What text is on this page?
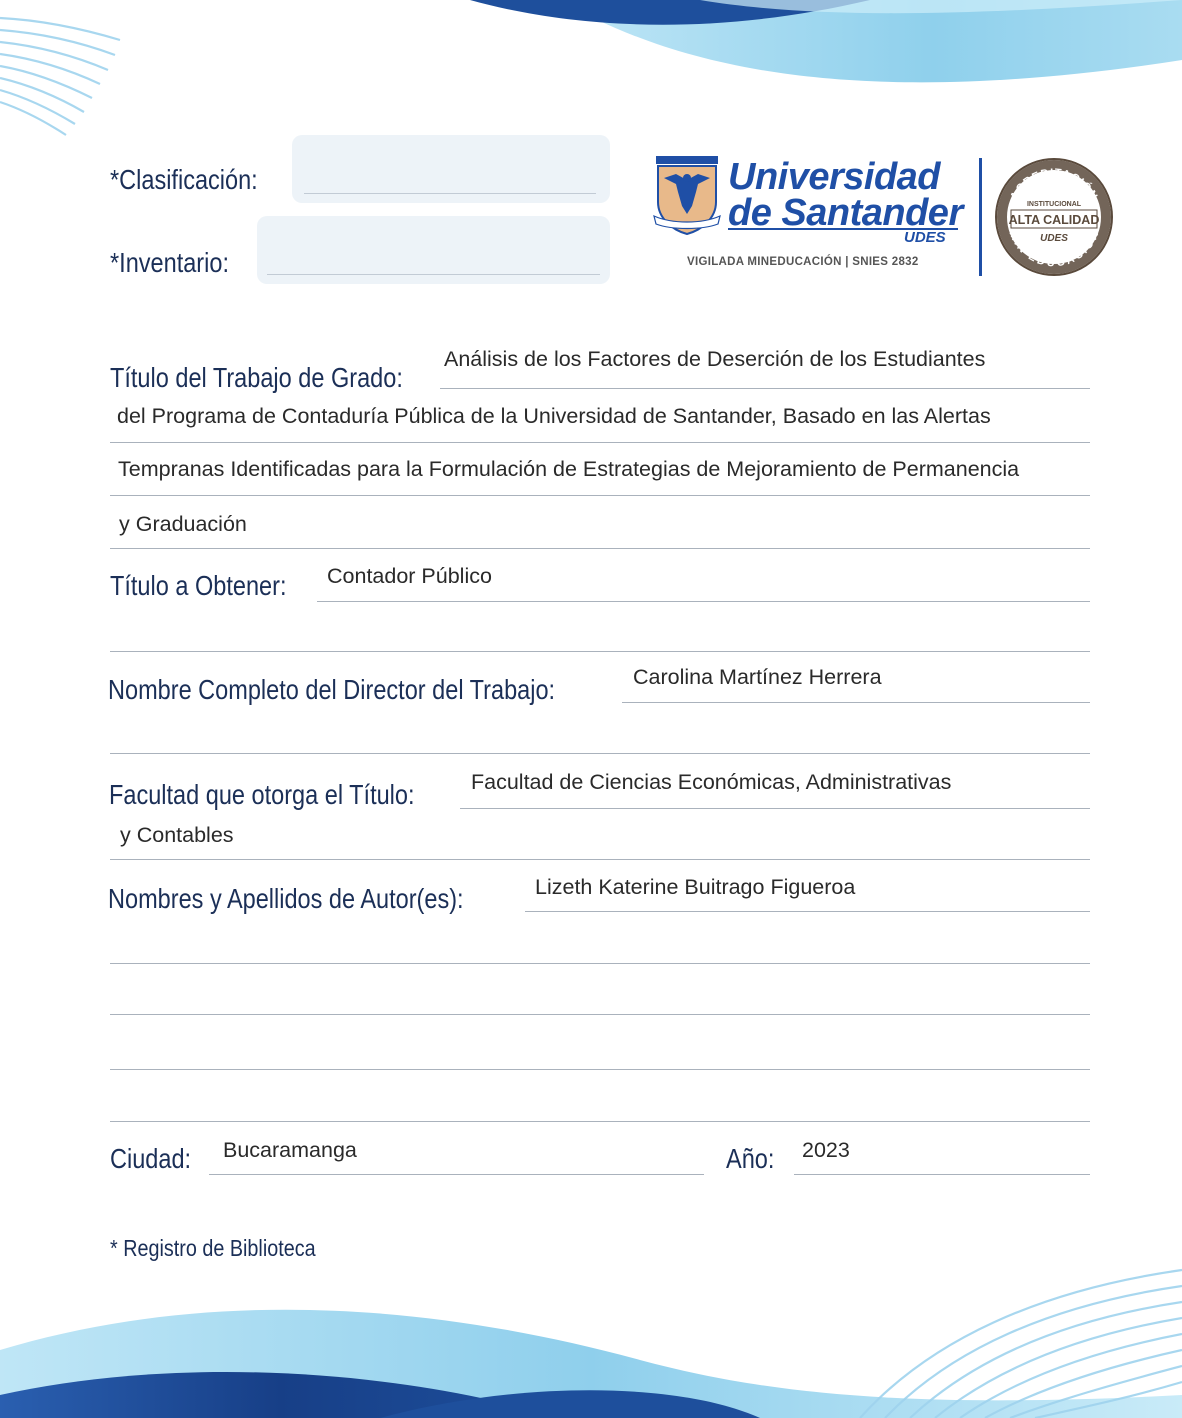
*Clasificación:
*Inventario:
Universidad
de Santander
UDES
VIGILADA MINEDUCACIÓN | SNIES 2832
ACREDITACIÓN
MIN EDUCACIÓN
INSTITUCIONAL
ALTA CALIDAD
UDES
Título del Trabajo de Grado:
Análisis de los Factores de Deserción de los Estudiantes
del Programa de Contaduría Pública de la Universidad de Santander, Basado en las Alertas
Tempranas Identificadas para la Formulación de Estrategias de Mejoramiento de Permanencia
y Graduación
Título a Obtener: Contador Público
Nombre Completo del Director del Trabajo:	Carolina Martínez Herrera
Facultad que otorga el Título:	Facultad de Ciencias Económicas, Administrativas
y Contables
Nombres y Apellidos de Autor(es):	Lizeth Katerine Buitrago Figueroa
Ciudad: Bucaramanga	Año: 2023
* Registro de Biblioteca
